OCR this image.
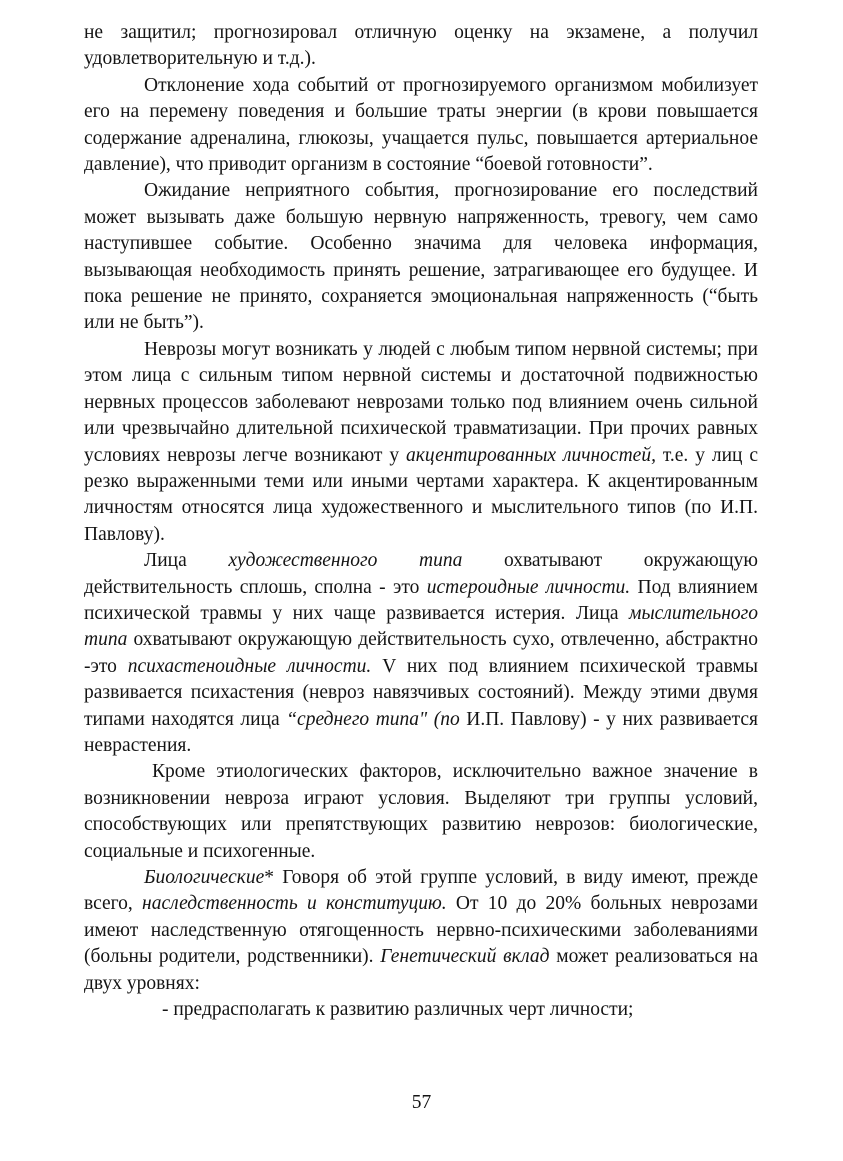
не защитил; прогнозировал отличную оценку на экзамене, а получил удовлетворительную и т.д.).

Отклонение хода событий от прогнозируемого организмом мобилизует его на перемену поведения и большие траты энергии (в крови повышается содержание адреналина, глюкозы, учащается пульс, повышается артериальное давление), что приводит организм в состояние “боевой готовности”.

Ожидание неприятного события, прогнозирование его последствий может вызывать даже большую нервную напряженность, тревогу, чем само наступившее событие. Особенно значима для человека информация, вызывающая необходимость принять решение, затрагивающее его будущее. И пока решение не принято, сохраняется эмоциональная напряженность (“быть или не быть”).

Неврозы могут возникать у людей с любым типом нервной системы; при этом лица с сильным типом нервной системы и достаточной подвижностью нервных процессов заболевают неврозами только под влиянием очень сильной или чрезвычайно длительной психической травматизации. При прочих равных условиях неврозы легче возникают у акцентированных личностей, т.е. у лиц с резко выраженными теми или иными чертами характера. К акцентированным личностям относятся лица художественного и мыслительного типов (по И.П. Павлову).

Лица художественного типа охватывают окружающую действительность сплошь, сполна - это истероидные личности. Под влиянием психической травмы у них чаще развивается истерия. Лица мыслительного типа охватывают окружающую действительность сухо, отвлеченно, абстрактно -это психастеноидные личности. V них под влиянием психической травмы развивается психастения (невроз навязчивых состояний). Между этими двумя типами находятся лица “среднего типа" (по И.П. Павлову) - у них развивается неврастения.

Кроме этиологических факторов, исключительно важное значение в возникновении невроза играют условия. Выделяют три группы условий, способствующих или препятствующих развитию неврозов: биологические, социальные и психогенные.

Биологические* Говоря об этой группе условий, в виду имеют, прежде всего, наследственность и конституцию. От 10 до 20% больных неврозами имеют наследственную отягощенность нервно-психическими заболеваниями (больны родители, родственники). Генетический вклад может реализоваться на двух уровнях:

- предрасполагать к развитию различных черт личности;

57
